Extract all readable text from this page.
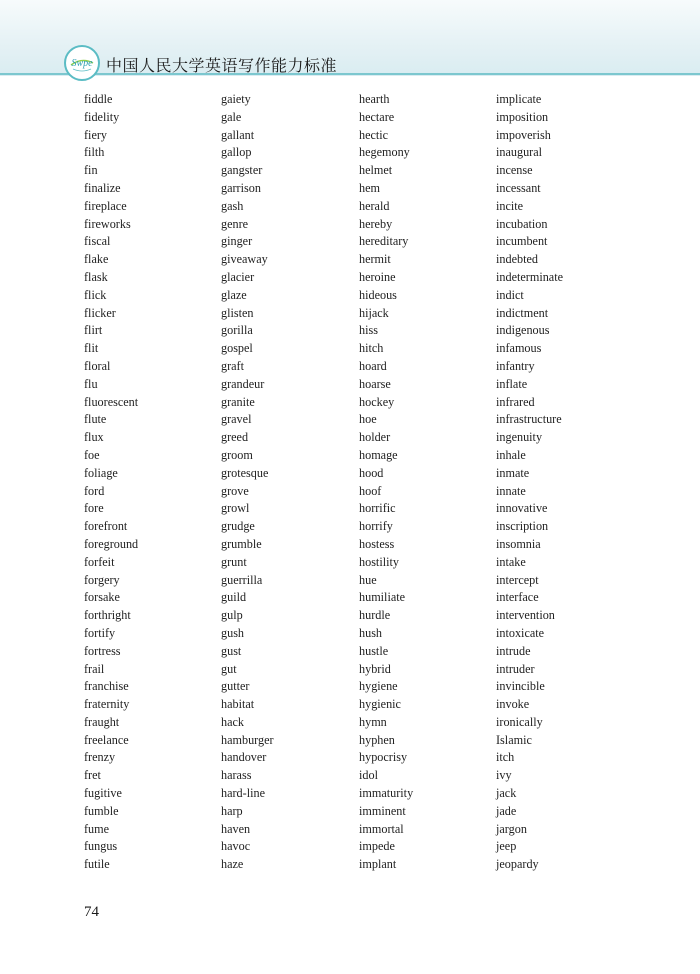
Swpe 中国人民大学英语写作能力标准
fiddle
fidelity
fiery
filth
fin
finalize
fireplace
fireworks
fiscal
flake
flask
flick
flicker
flirt
flit
floral
flu
fluorescent
flute
flux
foe
foliage
ford
fore
forefront
foreground
forfeit
forgery
forsake
forthright
fortify
fortress
frail
franchise
fraternity
fraught
freelance
frenzy
fret
fugitive
fumble
fume
fungus
futile
gaiety
gale
gallant
gallop
gangster
garrison
gash
genre
ginger
giveaway
glacier
glaze
glisten
gorilla
gospel
graft
grandeur
granite
gravel
greed
groom
grotesque
grove
growl
grudge
grumble
grunt
guerrilla
guild
gulp
gush
gust
gut
gutter
habitat
hack
hamburger
handover
harass
hard-line
harp
haven
havoc
haze
hearth
hectare
hectic
hegemony
helmet
hem
herald
hereby
hereditary
hermit
heroine
hideous
hijack
hiss
hitch
hoard
hoarse
hockey
hoe
holder
homage
hood
hoof
horrific
horrify
hostess
hostility
hue
humiliate
hurdle
hush
hustle
hybrid
hygiene
hygienic
hymn
hyphen
hypocrisy
idol
immaturity
imminent
immortal
impede
implant
implicate
imposition
impoverish
inaugural
incense
incessant
incite
incubation
incumbent
indebted
indeterminate
indict
indictment
indigenous
infamous
infantry
inflate
infrared
infrastructure
ingenuity
inhale
inmate
innate
innovative
inscription
insomnia
intake
intercept
interface
intervention
intoxicate
intrude
intruder
invincible
invoke
ironically
Islamic
itch
ivy
jack
jade
jargon
jeep
jeopardy
74
